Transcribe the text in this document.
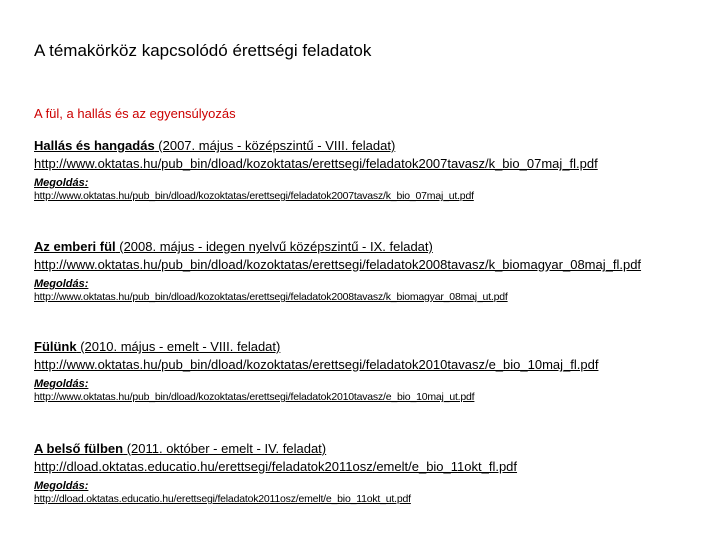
A témakörköz kapcsolódó érettségi feladatok
A fül, a hallás és az egyensúlyozás
Hallás és hangadás (2007. május - középszintű - VIII. feladat)
http://www.oktatas.hu/pub_bin/dload/kozoktatas/erettsegi/feladatok2007tavasz/k_bio_07maj_fl.pdf
Megoldás:
http://www.oktatas.hu/pub_bin/dload/kozoktatas/erettsegi/feladatok2007tavasz/k_bio_07maj_ut.pdf
Az emberi fül (2008. május - idegen nyelvű középszintű - IX. feladat)
http://www.oktatas.hu/pub_bin/dload/kozoktatas/erettsegi/feladatok2008tavasz/k_biomagyar_08maj_fl.pdf
Megoldás:
http://www.oktatas.hu/pub_bin/dload/kozoktatas/erettsegi/feladatok2008tavasz/k_biomagyar_08maj_ut.pdf
Fülünk (2010. május - emelt - VIII. feladat)
http://www.oktatas.hu/pub_bin/dload/kozoktatas/erettsegi/feladatok2010tavasz/e_bio_10maj_fl.pdf
Megoldás:
http://www.oktatas.hu/pub_bin/dload/kozoktatas/erettsegi/feladatok2010tavasz/e_bio_10maj_ut.pdf
A belső fülben (2011. október - emelt - IV. feladat)
http://dload.oktatas.educatio.hu/erettsegi/feladatok2011osz/emelt/e_bio_11okt_fl.pdf
Megoldás:
http://dload.oktatas.educatio.hu/erettsegi/feladatok2011osz/emelt/e_bio_11okt_ut.pdf
